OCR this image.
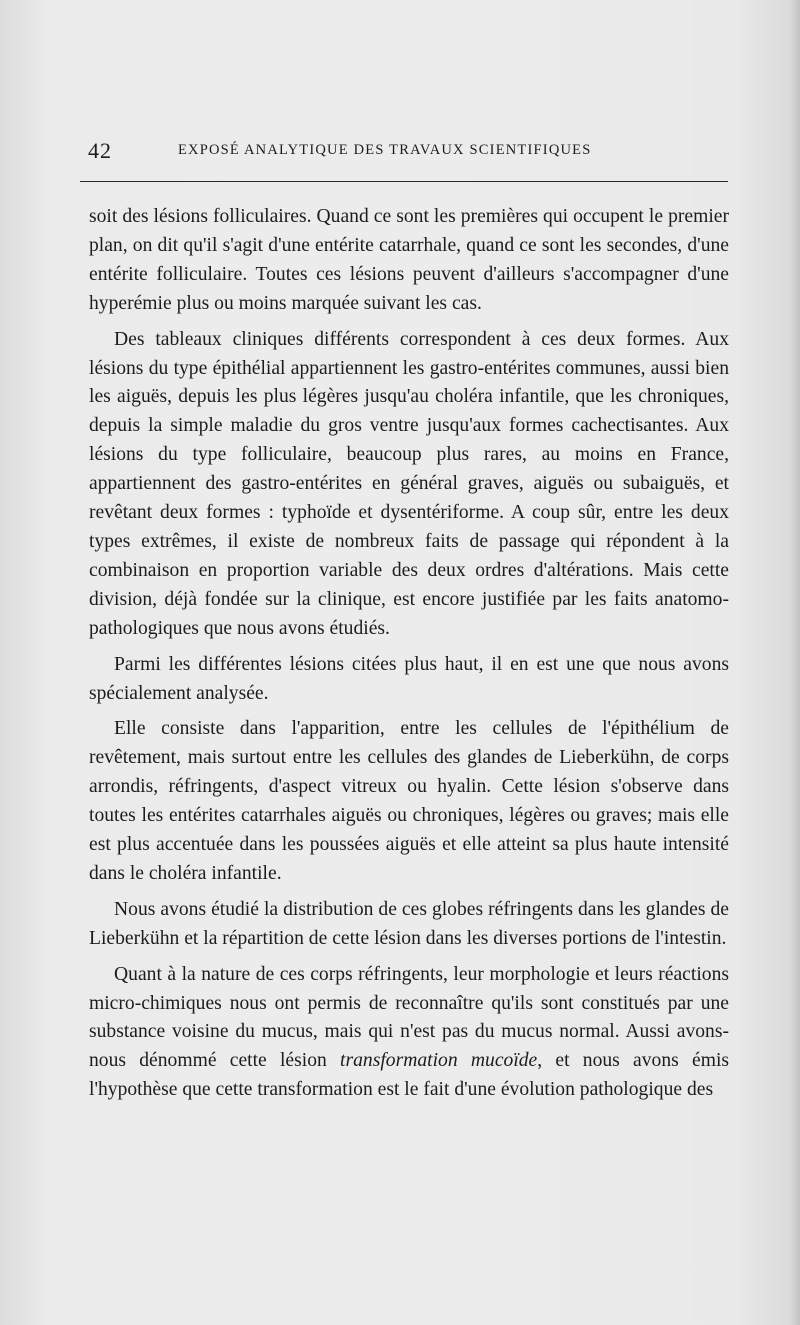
42	EXPOSÉ ANALYTIQUE DES TRAVAUX SCIENTIFIQUES

soit des lésions folliculaires. Quand ce sont les premières qui occupent le premier plan, on dit qu'il s'agit d'une entérite catarrhale, quand ce sont les secondes, d'une entérite folliculaire. Toutes ces lésions peuvent d'ailleurs s'accompagner d'une hyperémie plus ou moins marquée suivant les cas.

Des tableaux cliniques différents correspondent à ces deux formes. Aux lésions du type épithélial appartiennent les gastro-entérites communes, aussi bien les aiguës, depuis les plus légères jusqu'au choléra infantile, que les chroniques, depuis la simple maladie du gros ventre jusqu'aux formes cachectisantes. Aux lésions du type folliculaire, beaucoup plus rares, au moins en France, appartiennent des gastro-entérites en général graves, aiguës ou subaiguës, et revêtant deux formes : typhoïde et dysentériforme. A coup sûr, entre les deux types extrêmes, il existe de nombreux faits de passage qui répondent à la combinaison en proportion variable des deux ordres d'altérations. Mais cette division, déjà fondée sur la clinique, est encore justifiée par les faits anatomo-pathologiques que nous avons étudiés.

Parmi les différentes lésions citées plus haut, il en est une que nous avons spécialement analysée.

Elle consiste dans l'apparition, entre les cellules de l'épithélium de revêtement, mais surtout entre les cellules des glandes de Lieberkühn, de corps arrondis, réfringents, d'aspect vitreux ou hyalin. Cette lésion s'observe dans toutes les entérites catarrhales aiguës ou chroniques, légères ou graves; mais elle est plus accentuée dans les poussées aiguës et elle atteint sa plus haute intensité dans le choléra infantile.

Nous avons étudié la distribution de ces globes réfringents dans les glandes de Lieberkühn et la répartition de cette lésion dans les diverses portions de l'intestin.

Quant à la nature de ces corps réfringents, leur morphologie et leurs réactions micro-chimiques nous ont permis de reconnaître qu'ils sont constitués par une substance voisine du mucus, mais qui n'est pas du mucus normal. Aussi avons-nous dénommé cette lésion transformation mucoïde, et nous avons émis l'hypothèse que cette transformation est le fait d'une évolution pathologique des
